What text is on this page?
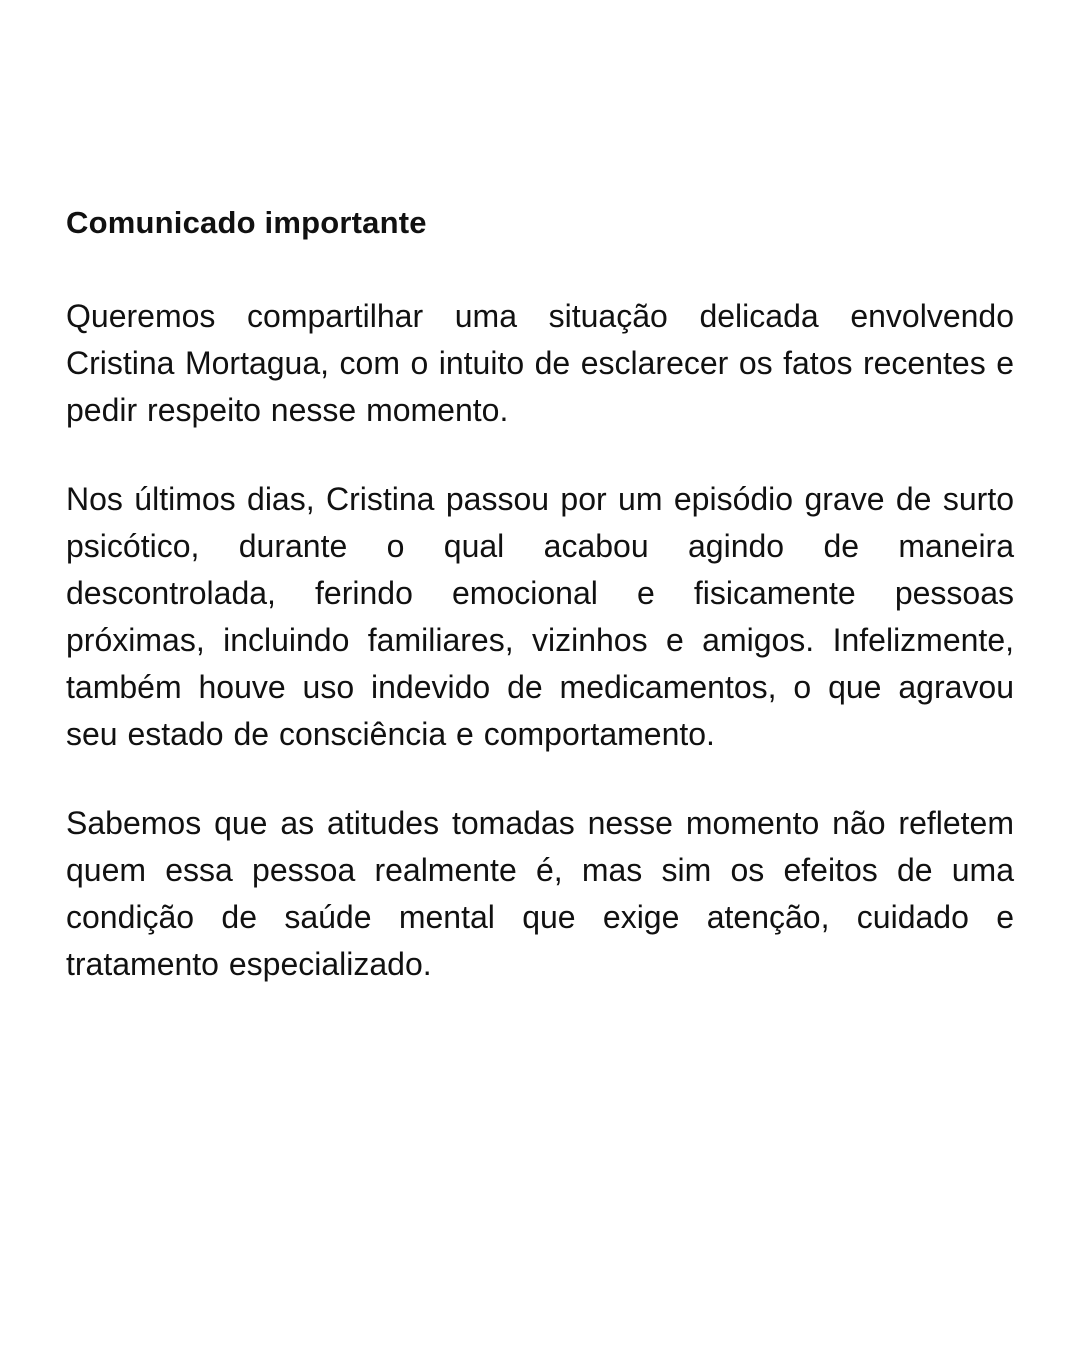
Comunicado importante

Queremos compartilhar uma situação delicada envolvendo Cristina Mortagua, com o intuito de esclarecer os fatos recentes e pedir respeito nesse momento.

Nos últimos dias, Cristina passou por um episódio grave de surto psicótico, durante o qual acabou agindo de maneira descontrolada, ferindo emocional e fisicamente pessoas próximas, incluindo familiares, vizinhos e amigos. Infelizmente, também houve uso indevido de medicamentos, o que agravou seu estado de consciência e comportamento.

Sabemos que as atitudes tomadas nesse momento não refletem quem essa pessoa realmente é, mas sim os efeitos de uma condição de saúde mental que exige atenção, cuidado e tratamento especializado.
